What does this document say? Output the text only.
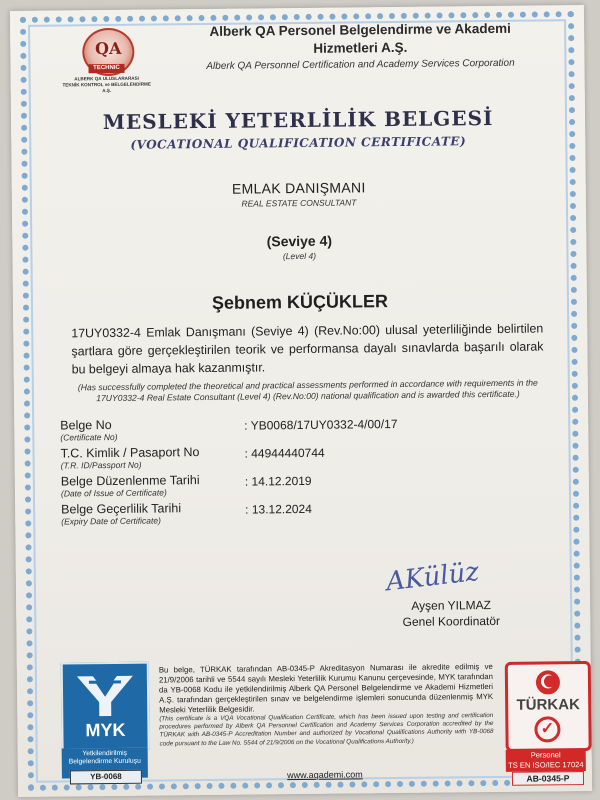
QA
TECHNIC
ALBERK QA ULUSLARARASI
TEKNİK KONTROL ve BELGELENDİRME A.Ş.
Alberk QA Personel Belgelendirme ve Akademi
Hizmetleri A.Ş.
Alberk QA Personnel Certification and Academy Services Corporation
MESLEKİ YETERLİLİK BELGESİ
(VOCATIONAL QUALIFICATION CERTIFICATE)
EMLAK DANIŞMANI
REAL ESTATE CONSULTANT
(Seviye 4)
(Level 4)
Şebnem KÜÇÜKLER
17UY0332-4 Emlak Danışmanı (Seviye 4) (Rev.No:00) ulusal yeterliliğinde belirtilen şartlara göre gerçekleştirilen teorik ve performansa dayalı sınavlarda başarılı olarak bu belgeyi almaya hak kazanmıştır.
(Has successfully completed the theoretical and practical assessments performed in accordance with requirements in the 17UY0332-4 Real Estate Consultant (Level 4) (Rev.No:00) national qualification and is awarded this certificate.)
Belge No
(Certificate No)
: YB0068/17UY0332-4/00/17
T.C. Kimlik / Pasaport No
(T.R. ID/Passport No)
: 44944440744
Belge Düzenlenme Tarihi
(Date of Issue of Certificate)
: 14.12.2019
Belge Geçerlilik Tarihi
(Expiry Date of Certificate)
: 13.12.2024
AKülüz
Ayşen YILMAZ
Genel Koordinatör
MYK
Yetkilendirilmiş
Belgelendirme Kuruluşu
YB-0068
Bu belge, TÜRKAK tarafından AB-0345-P Akreditasyon Numarası ile akredite edilmiş ve 21/9/2006 tarihli ve 5544 sayılı Mesleki Yeterlilik Kurumu Kanunu çerçevesinde, MYK tarafından da YB-0068 Kodu ile yetkilendirilmiş Alberk QA Personel Belgelendirme ve Akademi Hizmetleri A.Ş. tarafından gerçekleştirilen sınav ve belgelendirme işlemleri sonucunda düzenlenmiş MYK Mesleki Yeterlilik Belgesidir.
(This certificate is a VQA Vocational Qualification Certificate, which has been issued upon testing and certification procedures performed by Alberk QA Personnel Certification and Academy Services Corporation accredited by the TÜRKAK with AB-0345-P Accreditation Number and authorized by Vocational Qualifications Authority with YB-0068 code pursuant to the Law No. 5544 of 21/9/2006 on the Vocational Qualifications Authority.)
www.aqademi.com
TÜRKAK
✓
Personel
TS EN ISO/IEC 17024
AB-0345-P
